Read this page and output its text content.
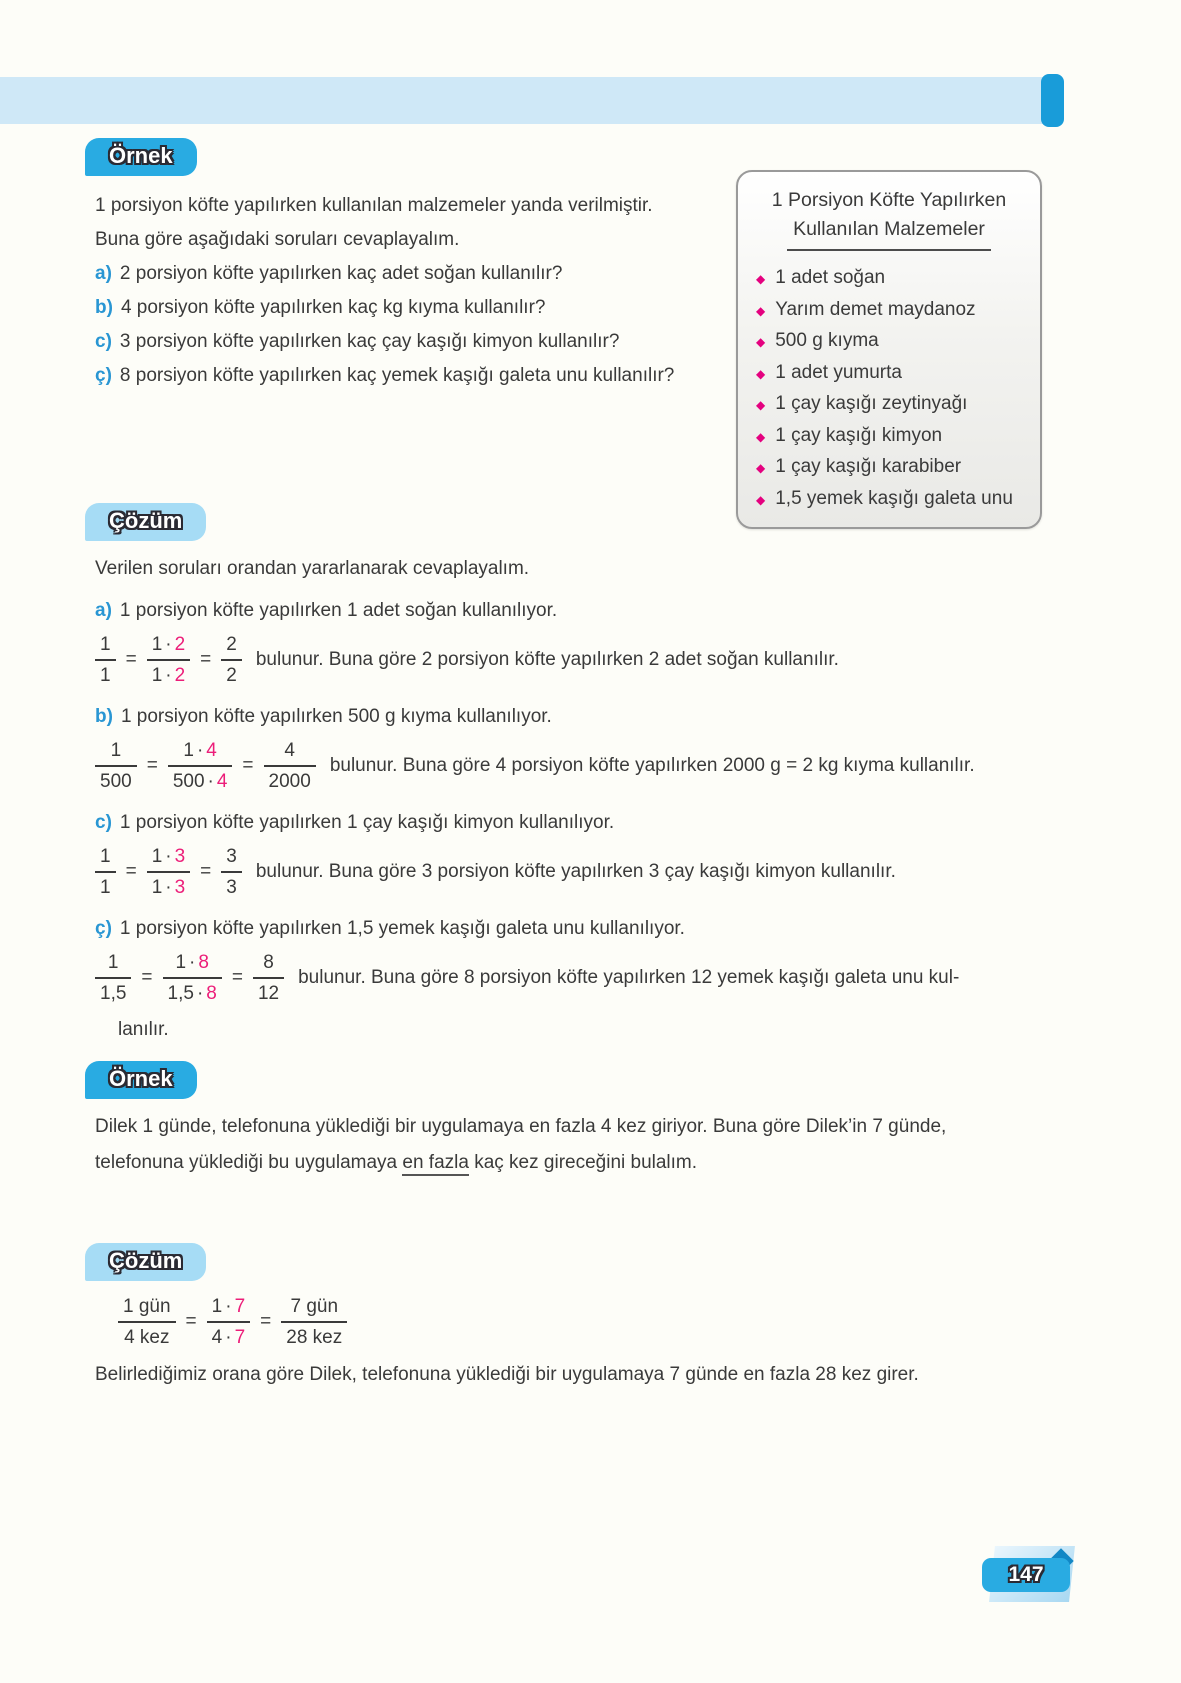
Örnek
1 porsiyon köfte yapılırken kullanılan malzemeler yanda verilmiştir.
Buna göre aşağıdaki soruları cevaplayalım.
a) 2 porsiyon köfte yapılırken kaç adet soğan kullanılır?
b) 4 porsiyon köfte yapılırken kaç kg kıyma kullanılır?
c) 3 porsiyon köfte yapılırken kaç çay kaşığı kimyon kullanılır?
ç) 8 porsiyon köfte yapılırken kaç yemek kaşığı galeta unu kullanılır?
1 Porsiyon Köfte Yapılırken
Kullanılan Malzemeler
◆ 1 adet soğan
◆ Yarım demet maydanoz
◆ 500 g kıyma
◆ 1 adet yumurta
◆ 1 çay kaşığı zeytinyağı
◆ 1 çay kaşığı kimyon
◆ 1 çay kaşığı karabiber
◆ 1,5 yemek kaşığı galeta unu
Çözüm
Verilen soruları orandan yararlanarak cevaplayalım.
a) 1 porsiyon köfte yapılırken 1 adet soğan kullanılıyor.
$\frac{1}{1} = \frac{1 \cdot 2}{1 \cdot 2} = \frac{2}{2}$ bulunur. Buna göre 2 porsiyon köfte yapılırken 2 adet soğan kullanılır.
b) 1 porsiyon köfte yapılırken 500 g kıyma kullanılıyor.
$\frac{1}{500} = \frac{1 \cdot 4}{500 \cdot 4} = \frac{4}{2000}$ bulunur. Buna göre 4 porsiyon köfte yapılırken 2000 g = 2 kg kıyma kullanılır.
c) 1 porsiyon köfte yapılırken 1 çay kaşığı kimyon kullanılıyor.
$\frac{1}{1} = \frac{1 \cdot 3}{1 \cdot 3} = \frac{3}{3}$ bulunur. Buna göre 3 porsiyon köfte yapılırken 3 çay kaşığı kimyon kullanılır.
ç) 1 porsiyon köfte yapılırken 1,5 yemek kaşığı galeta unu kullanılıyor.
$\frac{1}{1,5} = \frac{1 \cdot 8}{1,5 \cdot 8} = \frac{8}{12}$ bulunur. Buna göre 8 porsiyon köfte yapılırken 12 yemek kaşığı galeta unu kul-
lanılır.
Örnek
Dilek 1 günde, telefonuna yüklediği bir uygulamaya en fazla 4 kez giriyor. Buna göre Dilek’in 7 günde,
telefonuna yüklediği bu uygulamaya en fazla kaç kez gireceğini bulalım.
Çözüm
$\frac{\text{1 gün}}{\text{4 kez}} = \frac{1 \cdot 7}{4 \cdot 7} = \frac{\text{7 gün}}{\text{28 kez}}$
Belirlediğimiz orana göre Dilek, telefonuna yüklediği bir uygulamaya 7 günde en fazla 28 kez girer.
147
